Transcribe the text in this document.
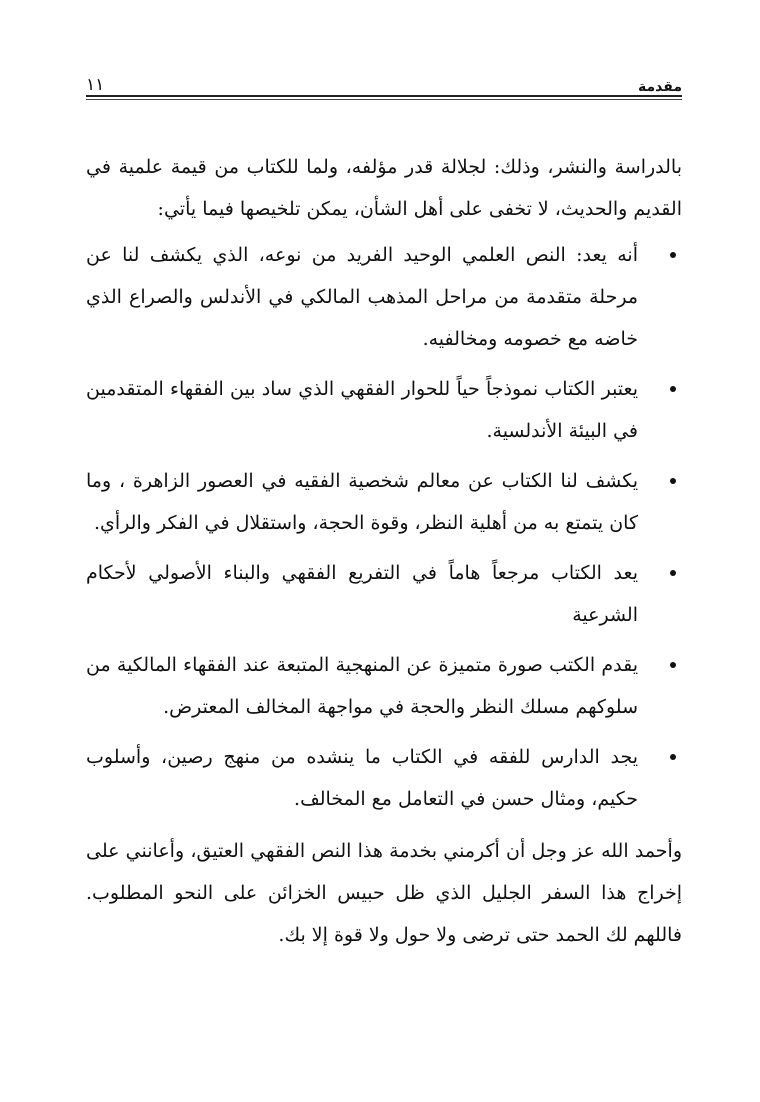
١١	مقدمة

بالدراسة والنشر، وذلك: لجلالة قدر مؤلفه، ولما للكتاب من قيمة علمية في القديم والحديث، لا تخفى على أهل الشأن، يمكن تلخيصها فيما يأتي:

أنه يعد: النص العلمي الوحيد الفريد من نوعه، الذي يكشف لنا عن مرحلة متقدمة من مراحل المذهب المالكي في الأندلس والصراع الذي خاضه مع خصومه ومخالفيه.
يعتبر الكتاب نموذجاً حياً للحوار الفقهي الذي ساد بين الفقهاء المتقدمين في البيئة الأندلسية.
يكشف لنا الكتاب عن معالم شخصية الفقيه في العصور الزاهرة ، وما كان يتمتع به من أهلية النظر، وقوة الحجة، واستقلال في الفكر والرأي.
يعد الكتاب مرجعاً هاماً في التفريع الفقهي والبناء الأصولي لأحكام الشرعية
يقدم الكتب صورة متميزة عن المنهجية المتبعة عند الفقهاء المالكية من سلوكهم مسلك النظر والحجة في مواجهة المخالف المعترض.
يجد الدارس للفقه في الكتاب ما ينشده من منهج رصين، وأسلوب حكيم، ومثال حسن في التعامل مع المخالف.

وأحمد الله عز وجل أن أكرمني بخدمة هذا النص الفقهي العتيق، وأعانني على إخراج هذا السفر الجليل الذي ظل حبيس الخزائن على النحو المطلوب. فاللهم لك الحمد حتى ترضى ولا حول ولا قوة إلا بك.
